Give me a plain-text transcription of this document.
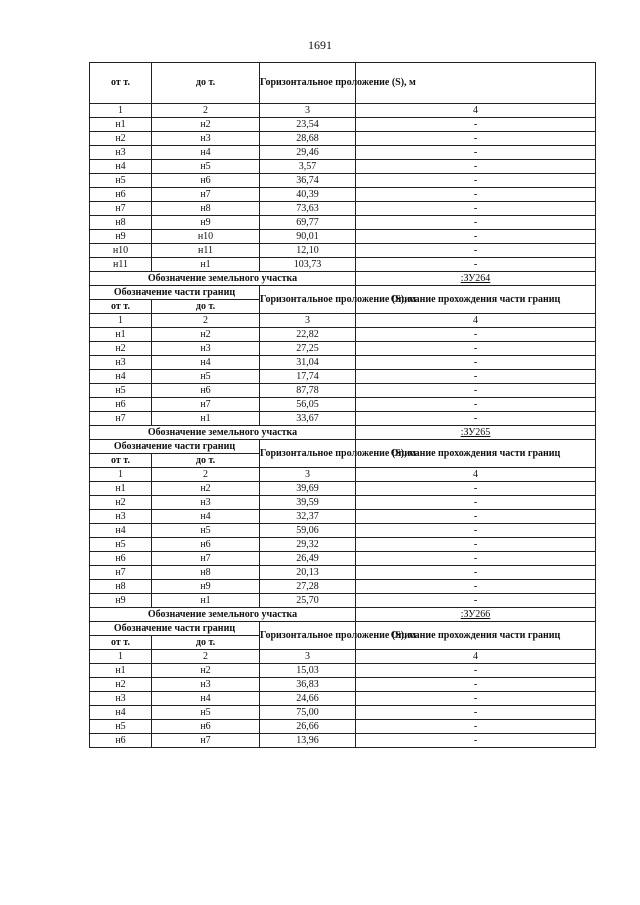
1691
от т.	до т.	Горизонтальное проложение (S), м	
1	2	3	4
н1	н2	23,54	-
н2	н3	28,68	-
н3	н4	29,46	-
н4	н5	3,57	-
н5	н6	36,74	-
н6	н7	40,39	-
н7	н8	73,63	-
н8	н9	69,77	-
н9	н10	90,01	-
н10	н11	12,10	-
н11	н1	103,73	-
Обозначение земельного участка			:ЗУ264
Обозначение части границ		Горизонтальное проложение (S), м	Описание прохождения части границ
от т.	до т.		
1	2	3	4
н1	н2	22,82	-
н2	н3	27,25	-
н3	н4	31,04	-
н4	н5	17,74	-
н5	н6	87,78	-
н6	н7	56,05	-
н7	н1	33,67	-
Обозначение земельного участка			:ЗУ265
Обозначение части границ		Горизонтальное проложение (S), м	Описание прохождения части границ
от т.	до т.		
1	2	3	4
н1	н2	39,69	-
н2	н3	39,59	-
н3	н4	32,37	-
н4	н5	59,06	-
н5	н6	29,32	-
н6	н7	26,49	-
н7	н8	20,13	-
н8	н9	27,28	-
н9	н1	25,70	-
Обозначение земельного участка			:ЗУ266
Обозначение части границ		Горизонтальное проложение (S), м	Описание прохождения части границ
от т.	до т.		
1	2	3	4
н1	н2	15,03	-
н2	н3	36,83	-
н3	н4	24,66	-
н4	н5	75,00	-
н5	н6	26,66	-
н6	н7	13,96	-
